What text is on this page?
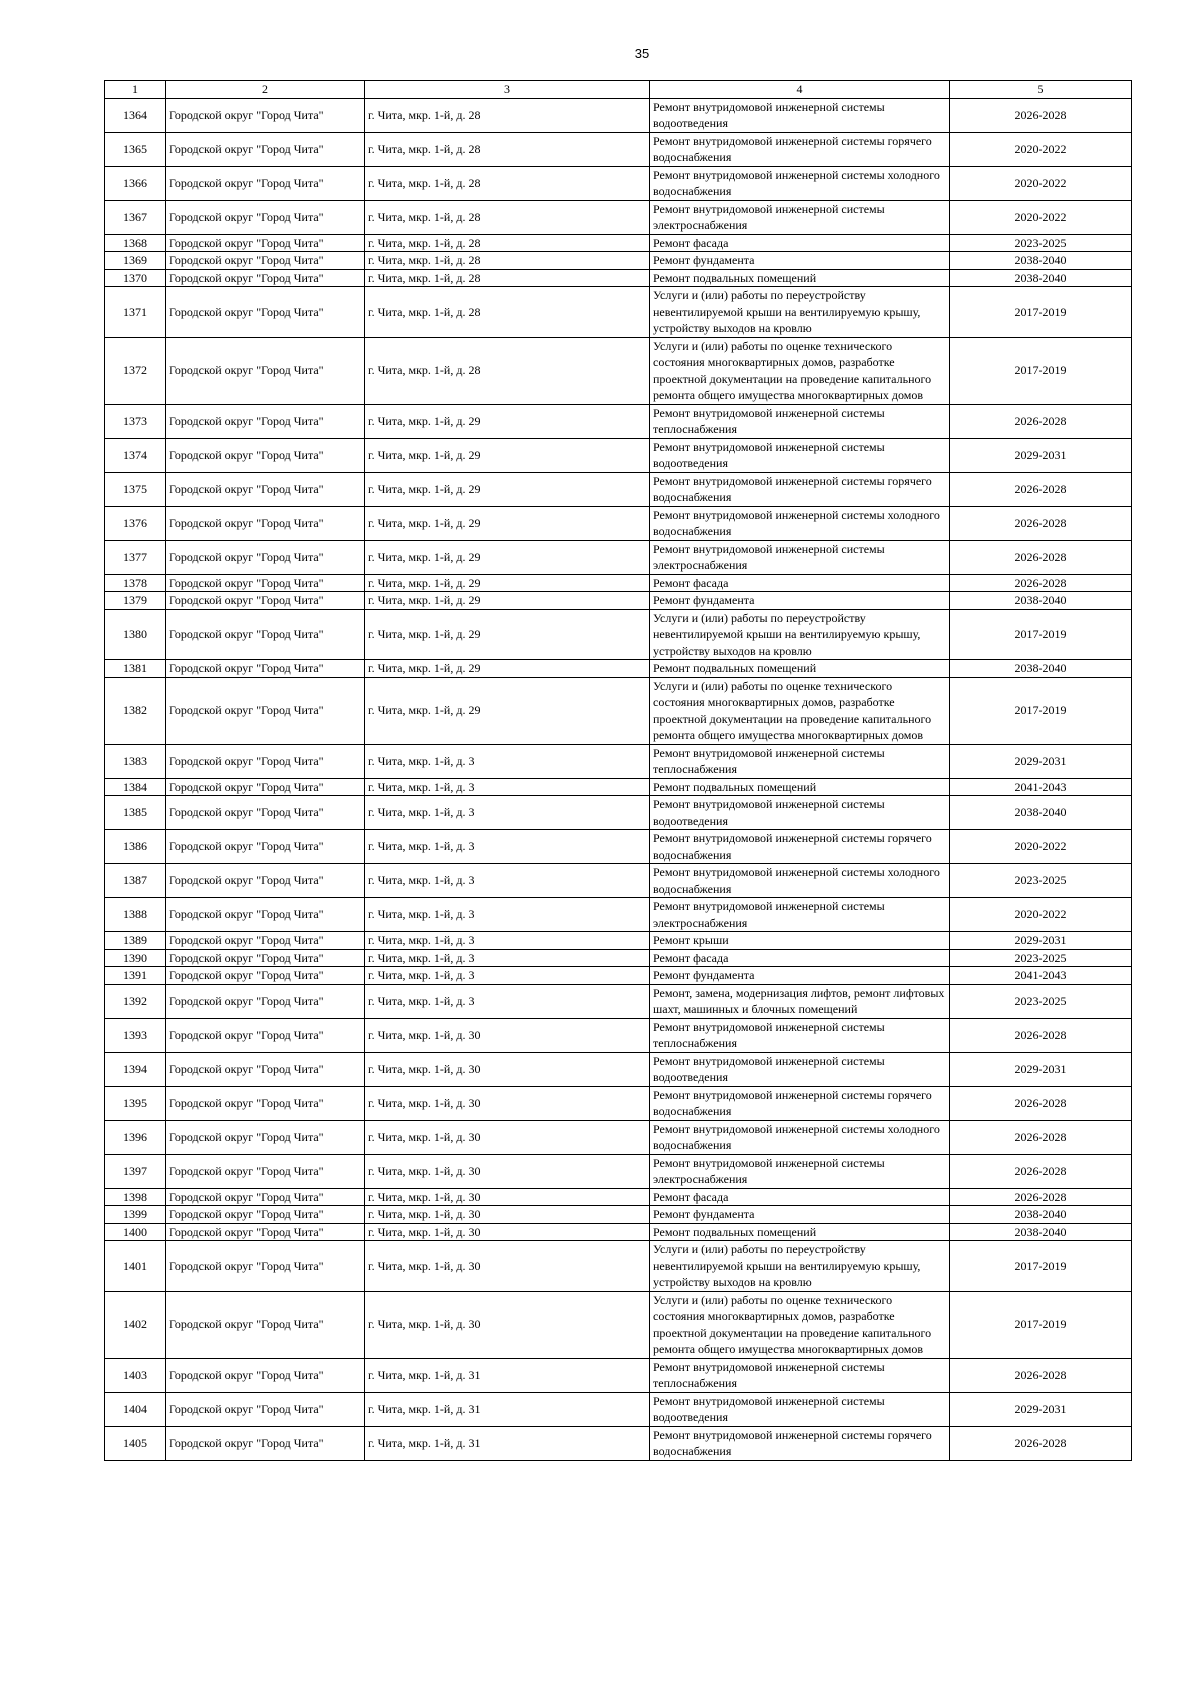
35
1	2	3	4	5
1364	Городской округ "Город Чита"	г. Чита, мкр. 1-й, д. 28	Ремонт внутридомовой инженерной системы водоотведения	2026-2028
1365	Городской округ "Город Чита"	г. Чита, мкр. 1-й, д. 28	Ремонт внутридомовой инженерной системы горячего водоснабжения	2020-2022
1366	Городской округ "Город Чита"	г. Чита, мкр. 1-й, д. 28	Ремонт внутридомовой инженерной системы холодного водоснабжения	2020-2022
1367	Городской округ "Город Чита"	г. Чита, мкр. 1-й, д. 28	Ремонт внутридомовой инженерной системы электроснабжения	2020-2022
1368	Городской округ "Город Чита"	г. Чита, мкр. 1-й, д. 28	Ремонт фасада	2023-2025
1369	Городской округ "Город Чита"	г. Чита, мкр. 1-й, д. 28	Ремонт фундамента	2038-2040
1370	Городской округ "Город Чита"	г. Чита, мкр. 1-й, д. 28	Ремонт подвальных помещений	2038-2040
1371	Городской округ "Город Чита"	г. Чита, мкр. 1-й, д. 28	Услуги и (или) работы по переустройству невентилируемой крыши на вентилируемую крышу, устройству выходов на кровлю	2017-2019
1372	Городской округ "Город Чита"	г. Чита, мкр. 1-й, д. 28	Услуги и (или) работы по оценке технического состояния многоквартирных домов, разработке проектной документации на проведение капитального ремонта общего имущества многоквартирных домов	2017-2019
1373	Городской округ "Город Чита"	г. Чита, мкр. 1-й, д. 29	Ремонт внутридомовой инженерной системы теплоснабжения	2026-2028
1374	Городской округ "Город Чита"	г. Чита, мкр. 1-й, д. 29	Ремонт внутридомовой инженерной системы водоотведения	2029-2031
1375	Городской округ "Город Чита"	г. Чита, мкр. 1-й, д. 29	Ремонт внутридомовой инженерной системы горячего водоснабжения	2026-2028
1376	Городской округ "Город Чита"	г. Чита, мкр. 1-й, д. 29	Ремонт внутридомовой инженерной системы холодного водоснабжения	2026-2028
1377	Городской округ "Город Чита"	г. Чита, мкр. 1-й, д. 29	Ремонт внутридомовой инженерной системы электроснабжения	2026-2028
1378	Городской округ "Город Чита"	г. Чита, мкр. 1-й, д. 29	Ремонт фасада	2026-2028
1379	Городской округ "Город Чита"	г. Чита, мкр. 1-й, д. 29	Ремонт фундамента	2038-2040
1380	Городской округ "Город Чита"	г. Чита, мкр. 1-й, д. 29	Услуги и (или) работы по переустройству невентилируемой крыши на вентилируемую крышу, устройству выходов на кровлю	2017-2019
1381	Городской округ "Город Чита"	г. Чита, мкр. 1-й, д. 29	Ремонт подвальных помещений	2038-2040
1382	Городской округ "Город Чита"	г. Чита, мкр. 1-й, д. 29	Услуги и (или) работы по оценке технического состояния многоквартирных домов, разработке проектной документации на проведение капитального ремонта общего имущества многоквартирных домов	2017-2019
1383	Городской округ "Город Чита"	г. Чита, мкр. 1-й, д. 3	Ремонт внутридомовой инженерной системы теплоснабжения	2029-2031
1384	Городской округ "Город Чита"	г. Чита, мкр. 1-й, д. 3	Ремонт подвальных помещений	2041-2043
1385	Городской округ "Город Чита"	г. Чита, мкр. 1-й, д. 3	Ремонт внутридомовой инженерной системы водоотведения	2038-2040
1386	Городской округ "Город Чита"	г. Чита, мкр. 1-й, д. 3	Ремонт внутридомовой инженерной системы горячего водоснабжения	2020-2022
1387	Городской округ "Город Чита"	г. Чита, мкр. 1-й, д. 3	Ремонт внутридомовой инженерной системы холодного водоснабжения	2023-2025
1388	Городской округ "Город Чита"	г. Чита, мкр. 1-й, д. 3	Ремонт внутридомовой инженерной системы электроснабжения	2020-2022
1389	Городской округ "Город Чита"	г. Чита, мкр. 1-й, д. 3	Ремонт крыши	2029-2031
1390	Городской округ "Город Чита"	г. Чита, мкр. 1-й, д. 3	Ремонт фасада	2023-2025
1391	Городской округ "Город Чита"	г. Чита, мкр. 1-й, д. 3	Ремонт фундамента	2041-2043
1392	Городской округ "Город Чита"	г. Чита, мкр. 1-й, д. 3	Ремонт, замена, модернизация лифтов, ремонт лифтовых шахт, машинных и блочных помещений	2023-2025
1393	Городской округ "Город Чита"	г. Чита, мкр. 1-й, д. 30	Ремонт внутридомовой инженерной системы теплоснабжения	2026-2028
1394	Городской округ "Город Чита"	г. Чита, мкр. 1-й, д. 30	Ремонт внутридомовой инженерной системы водоотведения	2029-2031
1395	Городской округ "Город Чита"	г. Чита, мкр. 1-й, д. 30	Ремонт внутридомовой инженерной системы горячего водоснабжения	2026-2028
1396	Городской округ "Город Чита"	г. Чита, мкр. 1-й, д. 30	Ремонт внутридомовой инженерной системы холодного водоснабжения	2026-2028
1397	Городской округ "Город Чита"	г. Чита, мкр. 1-й, д. 30	Ремонт внутридомовой инженерной системы электроснабжения	2026-2028
1398	Городской округ "Город Чита"	г. Чита, мкр. 1-й, д. 30	Ремонт фасада	2026-2028
1399	Городской округ "Город Чита"	г. Чита, мкр. 1-й, д. 30	Ремонт фундамента	2038-2040
1400	Городской округ "Город Чита"	г. Чита, мкр. 1-й, д. 30	Ремонт подвальных помещений	2038-2040
1401	Городской округ "Город Чита"	г. Чита, мкр. 1-й, д. 30	Услуги и (или) работы по переустройству невентилируемой крыши на вентилируемую крышу, устройству выходов на кровлю	2017-2019
1402	Городской округ "Город Чита"	г. Чита, мкр. 1-й, д. 30	Услуги и (или) работы по оценке технического состояния многоквартирных домов, разработке проектной документации на проведение капитального ремонта общего имущества многоквартирных домов	2017-2019
1403	Городской округ "Город Чита"	г. Чита, мкр. 1-й, д. 31	Ремонт внутридомовой инженерной системы теплоснабжения	2026-2028
1404	Городской округ "Город Чита"	г. Чита, мкр. 1-й, д. 31	Ремонт внутридомовой инженерной системы водоотведения	2029-2031
1405	Городской округ "Город Чита"	г. Чита, мкр. 1-й, д. 31	Ремонт внутридомовой инженерной системы горячего водоснабжения	2026-2028
